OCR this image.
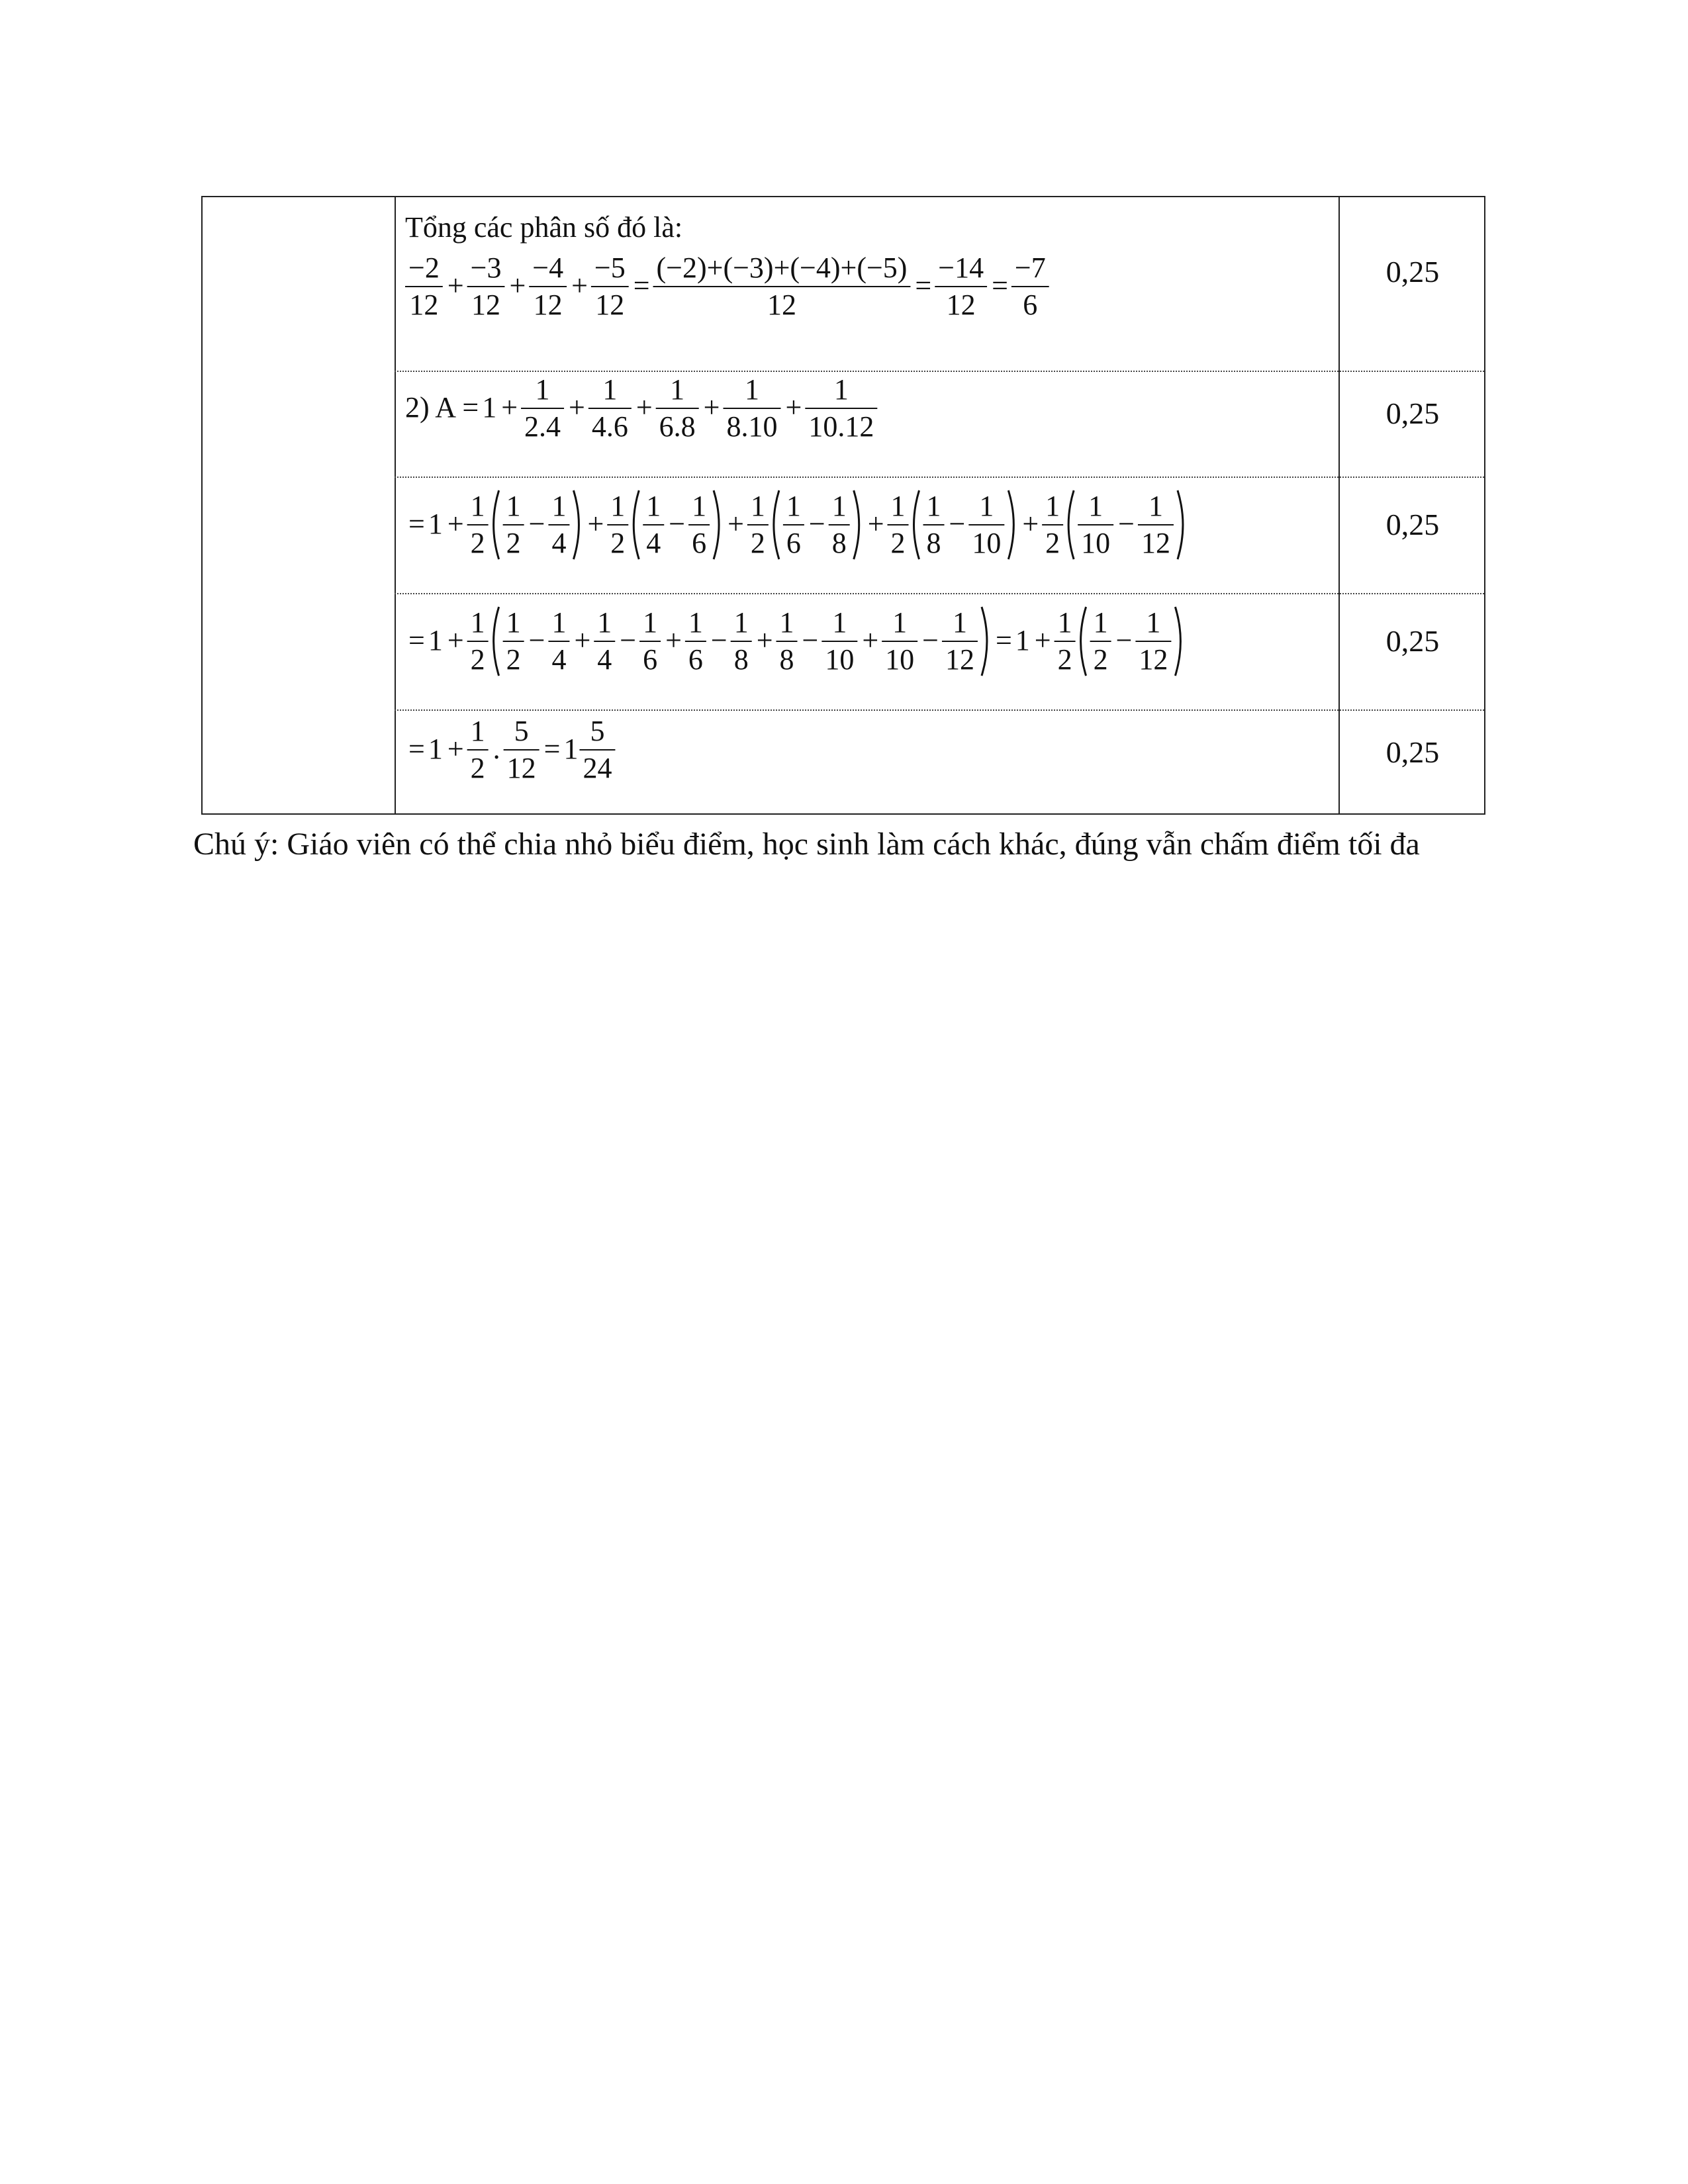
Tổng các phân số đó là:
−2
12
+
−3
12
+
−4
12
+
−5
12
=
(−2)+(−3)+(−4)+(−5)
12
=
−14
12
=
−7
6
0,25
2) A = 1 +
1
2.4
+
1
4.6
+
1
6.8
+
1
8.10
+
1
10.12	0,25
= 1 +
1
2
1
2
−
1
4
+
1
2
1
4
−
1
6
+
1
2
1
6
−
1
8
+
1
2
1
8
−
1
10
+
1
2
1
10
−
1
12
0,25
= 1 +
1
2
1
2
−
1
4
+
1
4
−
1
6
+
1
6
−
1
8
+
1
8
−
1
10
+
1
10
−
1
12
= 1 +
1
2
1
2
−
1
12
0,25
= 1 +
1
2
.
5
12
= 1
5
24	0,25
Chú ý: Giáo viên có thể chia nhỏ biểu điểm, học sinh làm cách khác, đúng vẫn chấm điểm tối đa
